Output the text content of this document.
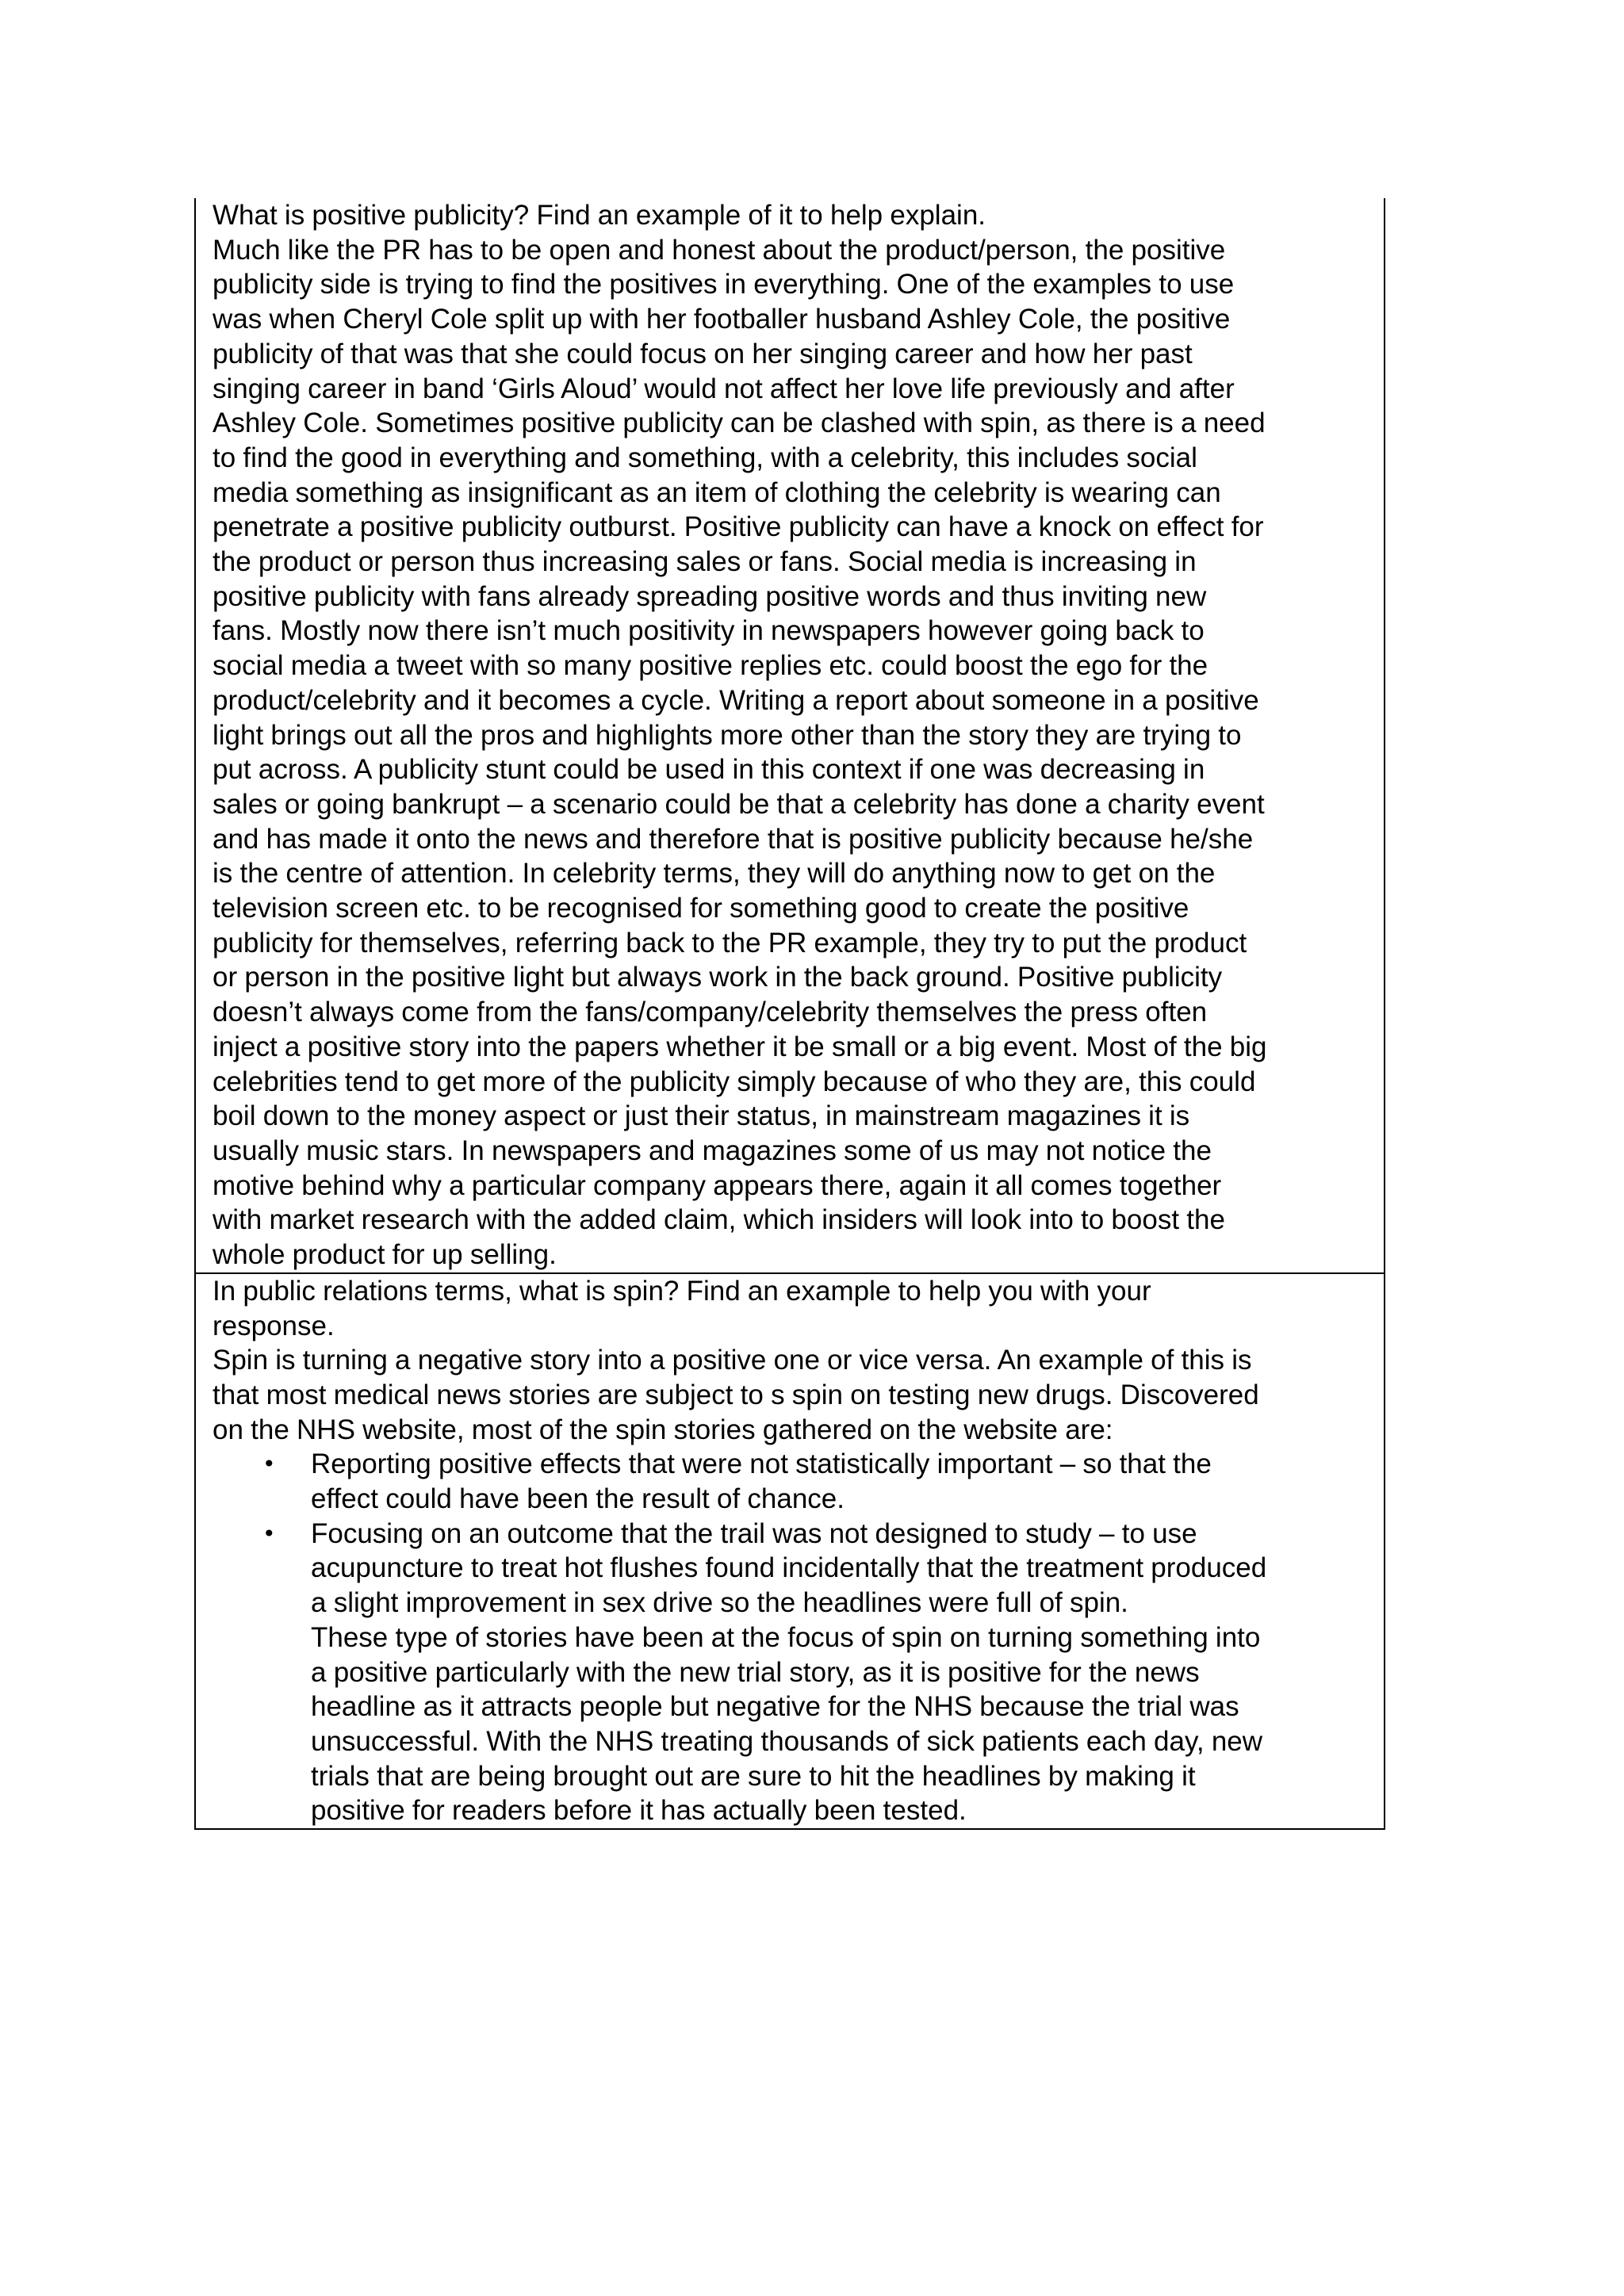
What is positive publicity? Find an example of it to help explain.
Much like the PR has to be open and honest about the product/person, the positive
publicity side is trying to find the positives in everything. One of the examples to use
was when Cheryl Cole split up with her footballer husband Ashley Cole, the positive
publicity of that was that she could focus on her singing career and how her past
singing career in band ‘Girls Aloud’ would not affect her love life previously and after
Ashley Cole. Sometimes positive publicity can be clashed with spin, as there is a need
to find the good in everything and something, with a celebrity, this includes social
media something as insignificant as an item of clothing the celebrity is wearing can
penetrate a positive publicity outburst. Positive publicity can have a knock on effect for
the product or person thus increasing sales or fans. Social media is increasing in
positive publicity with fans already spreading positive words and thus inviting new
fans. Mostly now there isn’t much positivity in newspapers however going back to
social media a tweet with so many positive replies etc. could boost the ego for the
product/celebrity and it becomes a cycle. Writing a report about someone in a positive
light brings out all the pros and highlights more other than the story they are trying to
put across. A publicity stunt could be used in this context if one was decreasing in
sales or going bankrupt – a scenario could be that a celebrity has done a charity event
and has made it onto the news and therefore that is positive publicity because he/she
is the centre of attention. In celebrity terms, they will do anything now to get on the
television screen etc. to be recognised for something good to create the positive
publicity for themselves, referring back to the PR example, they try to put the product
or person in the positive light but always work in the back ground. Positive publicity
doesn’t always come from the fans/company/celebrity themselves the press often
inject a positive story into the papers whether it be small or a big event. Most of the big
celebrities tend to get more of the publicity simply because of who they are, this could
boil down to the money aspect or just their status, in mainstream magazines it is
usually music stars. In newspapers and magazines some of us may not notice the
motive behind why a particular company appears there, again it all comes together
with market research with the added claim, which insiders will look into to boost the
whole product for up selling.

In public relations terms, what is spin? Find an example to help you with your
response.
Spin is turning a negative story into a positive one or vice versa. An example of this is
that most medical news stories are subject to s spin on testing new drugs. Discovered
on the NHS website, most of the spin stories gathered on the website are:
• Reporting positive effects that were not statistically important – so that the
effect could have been the result of chance.
• Focusing on an outcome that the trail was not designed to study – to use
acupuncture to treat hot flushes found incidentally that the treatment produced
a slight improvement in sex drive so the headlines were full of spin.
These type of stories have been at the focus of spin on turning something into
a positive particularly with the new trial story, as it is positive for the news
headline as it attracts people but negative for the NHS because the trial was
unsuccessful. With the NHS treating thousands of sick patients each day, new
trials that are being brought out are sure to hit the headlines by making it
positive for readers before it has actually been tested.
